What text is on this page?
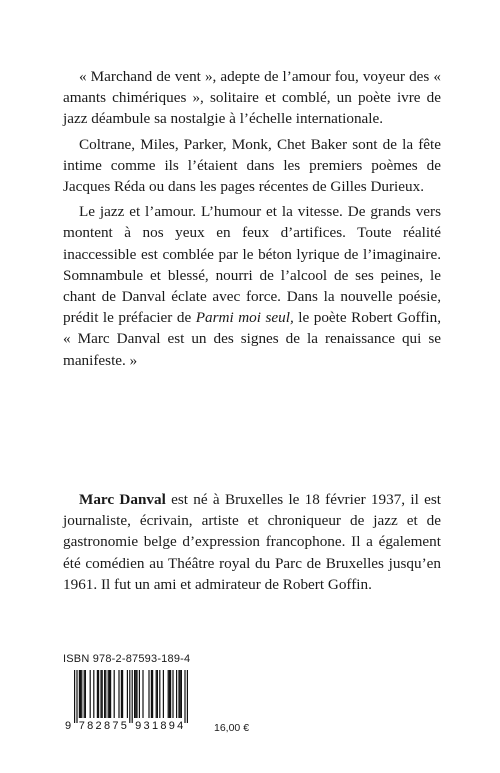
« Marchand de vent », adepte de l’amour fou, voyeur des « amants chimériques », solitaire et comblé, un poète ivre de jazz déambule sa nostalgie à l’échelle internationale.

Coltrane, Miles, Parker, Monk, Chet Baker sont de la fête intime comme ils l’étaient dans les premiers poèmes de Jacques Réda ou dans les pages récentes de Gilles Durieux.

Le jazz et l’amour. L’humour et la vitesse. De grands vers montent à nos yeux en feux d’artifices. Toute réalité inaccessible est comblée par le béton lyrique de l’imaginaire. Somnambule et blessé, nourri de l’alcool de ses peines, le chant de Danval éclate avec force. Dans la nouvelle poésie, prédit le préfacier de Parmi moi seul, le poète Robert Goffin, « Marc Danval est un des signes de la renaissance qui se manifeste. »

Marc Danval est né à Bruxelles le 18 février 1937, il est journaliste, écrivain, artiste et chroniqueur de jazz et de gastronomie belge d’expression francophone. Il a également été comédien au Théâtre royal du Parc de Bruxelles jusqu’en 1961. Il fut un ami et admirateur de Robert Goffin.

ISBN 978-2-87593-189-4
9 7 8 2 8 7 5 9 3 1 8 9 4	16,00 €
